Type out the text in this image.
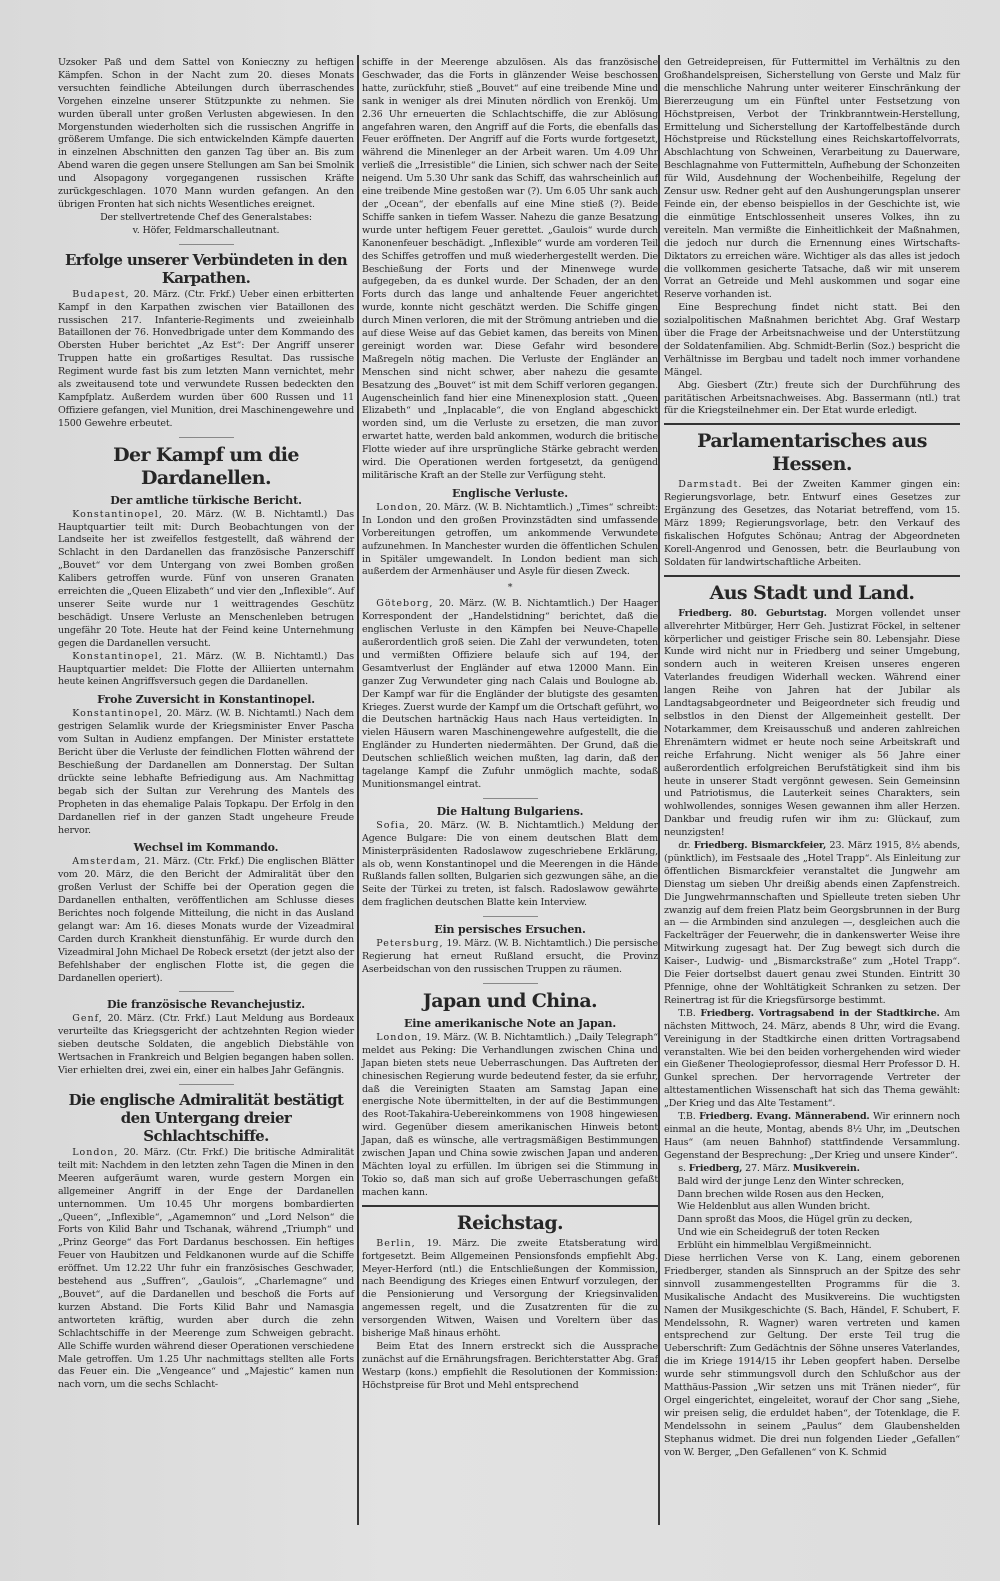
Uzsoker Paß und dem Sattel von Konieczny zu heftigen Kämpfen. Schon in der Nacht zum 20. dieses Monats versuchten feindliche Abteilungen durch überraschendes Vorgehen einzelne unserer Stützpunkte zu nehmen. Sie wurden überall unter großen Verlusten abgewiesen. In den Morgenstunden wiederholten sich die russischen Angriffe in größerem Umfange. Die sich entwickelnden Kämpfe dauerten in einzelnen Abschnitten den ganzen Tag über an. Bis zum Abend waren die gegen unsere Stellungen am San bei Smolnik und Alsopagony vorgegangenen russischen Kräfte zurückgeschlagen. 1070 Mann wurden gefangen. An den übrigen Fronten hat sich nichts Wesentliches ereignet.

Der stellvertretende Chef des Generalstabes:
v. Höfer, Feldmarschalleutnant.
Erfolge unserer Verbündeten in den Karpathen.

Budapest, 20. März. (Ctr. Frkf.) Ueber einen erbitterten Kampf in den Karpathen zwischen vier Bataillonen des russischen 217. Infanterie-Regiments und zweieinhalb Bataillonen der 76. Honvedbrigade unter dem Kommando des Obersten Huber berichtet „Az Est“: Der Angriff unserer Truppen hatte ein großartiges Resultat. Das russische Regiment wurde fast bis zum letzten Mann vernichtet, mehr als zweitausend tote und verwundete Russen bedeckten den Kampfplatz. Außerdem wurden über 600 Russen und 11 Offiziere gefangen, viel Munition, drei Maschinengewehre und 1500 Gewehre erbeutet.

Der Kampf um die Dardanellen.
Der amtliche türkische Bericht.

Konstantinopel, 20. März. (W. B. Nichtamtl.) Das Hauptquartier teilt mit: Durch Beobachtungen von der Landseite her ist zweifellos festgestellt, daß während der Schlacht in den Dardanellen das französische Panzerschiff „Bouvet“ vor dem Untergang von zwei Bomben großen Kalibers getroffen wurde. Fünf von unseren Granaten erreichten die „Queen Elizabeth“ und vier den „Inflexible“. Auf unserer Seite wurde nur 1 weittragendes Geschütz beschädigt. Unsere Verluste an Menschenleben betrugen ungefähr 20 Tote. Heute hat der Feind keine Unternehmung gegen die Dardanellen versucht.

Konstantinopel, 21. März. (W. B. Nichtamtl.) Das Hauptquartier meldet: Die Flotte der Alliierten unternahm heute keinen Angriffsversuch gegen die Dardanellen.

Frohe Zuversicht in Konstantinopel.

Konstantinopel, 20. März. (W. B. Nichtamtl.) Nach dem gestrigen Selamlik wurde der Kriegsminister Enver Pascha vom Sultan in Audienz empfangen. Der Minister erstattete Bericht über die Verluste der feindlichen Flotten während der Beschießung der Dardanellen am Donnerstag. Der Sultan drückte seine lebhafte Befriedigung aus. Am Nachmittag begab sich der Sultan zur Verehrung des Mantels des Propheten in das ehemalige Palais Topkapu. Der Erfolg in den Dardanellen rief in der ganzen Stadt ungeheure Freude hervor.

Wechsel im Kommando.

Amsterdam, 21. März. (Ctr. Frkf.) Die englischen Blätter vom 20. März, die den Bericht der Admiralität über den großen Verlust der Schiffe bei der Operation gegen die Dardanellen enthalten, veröffentlichen am Schlusse dieses Berichtes noch folgende Mitteilung, die nicht in das Ausland gelangt war: Am 16. dieses Monats wurde der Vizeadmiral Carden durch Krankheit dienstunfähig. Er wurde durch den Vizeadmiral John Michael De Robeck ersetzt (der jetzt also der Befehlshaber der englischen Flotte ist, die gegen die Dardanellen operiert).

Die französische Revanchejustiz.

Genf, 20. März. (Ctr. Frkf.) Laut Meldung aus Bordeaux verurteilte das Kriegsgericht der achtzehnten Region wieder sieben deutsche Soldaten, die angeblich Diebstähle von Wertsachen in Frankreich und Belgien begangen haben sollen. Vier erhielten drei, zwei ein, einer ein halbes Jahr Gefängnis.

Die englische Admiralität bestätigt den Untergang dreier Schlachtschiffe.

London, 20. März. (Ctr. Frkf.) Die britische Admiralität teilt mit: Nachdem in den letzten zehn Tagen die Minen in den Meeren aufgeräumt waren, wurde gestern Morgen ein allgemeiner Angriff in der Enge der Dardanellen unternommen. Um 10.45 Uhr morgens bombardierten „Queen“, „Inflexible“, „Agamemnon“ und „Lord Nelson“ die Forts von Kilid Bahr und Tschanak, während „Triumph“ und „Prinz George“ das Fort Dardanus beschossen. Ein heftiges Feuer von Haubitzen und Feldkanonen wurde auf die Schiffe eröffnet. Um 12.22 Uhr fuhr ein französisches Geschwader, bestehend aus „Suffren“, „Gaulois“, „Charlemagne“ und „Bouvet“, auf die Dardanellen und beschoß die Forts auf kurzen Abstand. Die Forts Kilid Bahr und Namasgia antworteten kräftig, wurden aber durch die zehn Schlachtschiffe in der Meerenge zum Schweigen gebracht. Alle Schiffe wurden während dieser Operationen verschiedene Male getroffen. Um 1.25 Uhr nachmittags stellten alle Forts das Feuer ein. Die „Vengeance“ und „Majestic“ kamen nun nach vorn, um die sechs Schlacht-

schiffe in der Meerenge abzulösen. Als das französische Geschwader, das die Forts in glänzender Weise beschossen hatte, zurückfuhr, stieß „Bouvet“ auf eine treibende Mine und sank in weniger als drei Minuten nördlich von Erenköj. Um 2.36 Uhr erneuerten die Schlachtschiffe, die zur Ablösung angefahren waren, den Angriff auf die Forts, die ebenfalls das Feuer eröffneten. Der Angriff auf die Forts wurde fortgesetzt, während die Minenleger an der Arbeit waren. Um 4.09 Uhr verließ die „Irresistible“ die Linien, sich schwer nach der Seite neigend. Um 5.30 Uhr sank das Schiff, das wahrscheinlich auf eine treibende Mine gestoßen war (?). Um 6.05 Uhr sank auch der „Ocean“, der ebenfalls auf eine Mine stieß (?). Beide Schiffe sanken in tiefem Wasser. Nahezu die ganze Besatzung wurde unter heftigem Feuer gerettet. „Gaulois“ wurde durch Kanonenfeuer beschädigt. „Inflexible“ wurde am vorderen Teil des Schiffes getroffen und muß wiederhergestellt werden. Die Beschießung der Forts und der Minenwege wurde aufgegeben, da es dunkel wurde. Der Schaden, der an den Forts durch das lange und anhaltende Feuer angerichtet wurde, konnte nicht geschätzt werden. Die Schiffe gingen durch Minen verloren, die mit der Strömung antrieben und die auf diese Weise auf das Gebiet kamen, das bereits von Minen gereinigt worden war. Diese Gefahr wird besondere Maßregeln nötig machen. Die Verluste der Engländer an Menschen sind nicht schwer, aber nahezu die gesamte Besatzung des „Bouvet“ ist mit dem Schiff verloren gegangen. Augenscheinlich fand hier eine Minenexplosion statt. „Queen Elizabeth“ und „Inplacable“, die von England abgeschickt worden sind, um die Verluste zu ersetzen, die man zuvor erwartet hatte, werden bald ankommen, wodurch die britische Flotte wieder auf ihre ursprüngliche Stärke gebracht werden wird. Die Operationen werden fortgesetzt, da genügend militärische Kraft an der Stelle zur Verfügung steht.

Englische Verluste.

London, 20. März. (W. B. Nichtamtlich.) „Times“ schreibt: In London und den großen Provinzstädten sind umfassende Vorbereitungen getroffen, um ankommende Verwundete aufzunehmen. In Manchester wurden die öffentlichen Schulen in Spitäler umgewandelt. In London bedient man sich außerdem der Armenhäuser und Asyle für diesen Zweck.

*

Göteborg, 20. März. (W. B. Nichtamtlich.) Der Haager Korrespondent der „Handelstidning“ berichtet, daß die englischen Verluste in den Kämpfen bei Neuve-Chapelle außerordentlich groß seien. Die Zahl der verwundeten, toten und vermißten Offiziere belaufe sich auf 194, der Gesamtverlust der Engländer auf etwa 12000 Mann. Ein ganzer Zug Verwundeter ging nach Calais und Boulogne ab. Der Kampf war für die Engländer der blutigste des gesamten Krieges. Zuerst wurde der Kampf um die Ortschaft geführt, wo die Deutschen hartnäckig Haus nach Haus verteidigten. In vielen Häusern waren Maschinengewehre aufgestellt, die die Engländer zu Hunderten niedermähten. Der Grund, daß die Deutschen schließlich weichen mußten, lag darin, daß der tagelange Kampf die Zufuhr unmöglich machte, sodaß Munitionsmangel eintrat.

Die Haltung Bulgariens.

Sofia, 20. März. (W. B. Nichtamtlich.) Meldung der Agence Bulgare: Die von einem deutschen Blatt dem Ministerpräsidenten Radoslawow zugeschriebene Erklärung, als ob, wenn Konstantinopel und die Meerengen in die Hände Rußlands fallen sollten, Bulgarien sich gezwungen sähe, an die Seite der Türkei zu treten, ist falsch. Radoslawow gewährte dem fraglichen deutschen Blatte kein Interview.

Ein persisches Ersuchen.

Petersburg, 19. März. (W. B. Nichtamtlich.) Die persische Regierung hat erneut Rußland ersucht, die Provinz Aserbeidschan von den russischen Truppen zu räumen.

Japan und China.
Eine amerikanische Note an Japan.

London, 19. März. (W. B. Nichtamtlich.) „Daily Telegraph“ meldet aus Peking: Die Verhandlungen zwischen China und Japan bieten stets neue Ueberraschungen. Das Auftreten der chinesischen Regierung wurde bedeutend fester, da sie erfuhr, daß die Vereinigten Staaten am Samstag Japan eine energische Note übermittelten, in der auf die Bestimmungen des Root-Takahira-Uebereinkommens von 1908 hingewiesen wird. Gegenüber diesem amerikanischen Hinweis betont Japan, daß es wünsche, alle vertragsmäßigen Bestimmungen zwischen Japan und China sowie zwischen Japan und anderen Mächten loyal zu erfüllen. Im übrigen sei die Stimmung in Tokio so, daß man sich auf große Ueberraschungen gefaßt machen kann.

Reichstag.

Berlin, 19. März. Die zweite Etatsberatung wird fortgesetzt. Beim Allgemeinen Pensionsfonds empfiehlt Abg. Meyer-Herford (ntl.) die Entschließungen der Kommission, nach Beendigung des Krieges einen Entwurf vorzulegen, der die Pensionierung und Versorgung der Kriegsinvaliden angemessen regelt, und die Zusatzrenten für die zu versorgenden Witwen, Waisen und Voreltern über das bisherige Maß hinaus erhöht.

Beim Etat des Innern erstreckt sich die Aussprache zunächst auf die Ernährungsfragen. Berichterstatter Abg. Graf Westarp (kons.) empfiehlt die Resolutionen der Kommission: Höchstpreise für Brot und Mehl entsprechend

den Getreidepreisen, für Futtermittel im Verhältnis zu den Großhandelspreisen, Sicherstellung von Gerste und Malz für die menschliche Nahrung unter weiterer Einschränkung der Biererzeugung um ein Fünftel unter Festsetzung von Höchstpreisen, Verbot der Trinkbranntwein-Herstellung, Ermittelung und Sicherstellung der Kartoffelbestände durch Höchstpreise und Rückstellung eines Reichskartoffelvorrats, Abschlachtung von Schweinen, Verarbeitung zu Dauerware, Beschlagnahme von Futtermitteln, Aufhebung der Schonzeiten für Wild, Ausdehnung der Wochenbeihilfe, Regelung der Zensur usw. Redner geht auf den Aushungerungsplan unserer Feinde ein, der ebenso beispiellos in der Geschichte ist, wie die einmütige Entschlossenheit unseres Volkes, ihn zu vereiteln. Man vermißte die Einheitlichkeit der Maßnahmen, die jedoch nur durch die Ernennung eines Wirtschafts-Diktators zu erreichen wäre. Wichtiger als das alles ist jedoch die vollkommen gesicherte Tatsache, daß wir mit unserem Vorrat an Getreide und Mehl auskommen und sogar eine Reserve vorhanden ist.

Eine Besprechung findet nicht statt. Bei den sozialpolitischen Maßnahmen berichtet Abg. Graf Westarp über die Frage der Arbeitsnachweise und der Unterstützung der Soldatenfamilien. Abg. Schmidt-Berlin (Soz.) bespricht die Verhältnisse im Bergbau und tadelt noch immer vorhandene Mängel.

Abg. Giesbert (Ztr.) freute sich der Durchführung des paritätischen Arbeitsnachweises. Abg. Bassermann (ntl.) trat für die Kriegsteilnehmer ein. Der Etat wurde erledigt.

Parlamentarisches aus Hessen.

Darmstadt. Bei der Zweiten Kammer gingen ein: Regierungsvorlage, betr. Entwurf eines Gesetzes zur Ergänzung des Gesetzes, das Notariat betreffend, vom 15. März 1899; Regierungsvorlage, betr. den Verkauf des fiskalischen Hofgutes Schönau; Antrag der Abgeordneten Korell-Angenrod und Genossen, betr. die Beurlaubung von Soldaten für landwirtschaftliche Arbeiten.

Aus Stadt und Land.

Friedberg. 80. Geburtstag. Morgen vollendet unser allverehrter Mitbürger, Herr Geh. Justizrat Föckel, in seltener körperlicher und geistiger Frische sein 80. Lebensjahr. Diese Kunde wird nicht nur in Friedberg und seiner Umgebung, sondern auch in weiteren Kreisen unseres engeren Vaterlandes freudigen Widerhall wecken. Während einer langen Reihe von Jahren hat der Jubilar als Landtagsabgeordneter und Beigeordneter sich freudig und selbstlos in den Dienst der Allgemeinheit gestellt. Der Notarkammer, dem Kreisausschuß und anderen zahlreichen Ehrenämtern widmet er heute noch seine Arbeitskraft und reiche Erfahrung. Nicht weniger als 56 Jahre einer außerordentlich erfolgreichen Berufstätigkeit sind ihm bis heute in unserer Stadt vergönnt gewesen. Sein Gemeinsinn und Patriotismus, die Lauterkeit seines Charakters, sein wohlwollendes, sonniges Wesen gewannen ihm aller Herzen. Dankbar und freudig rufen wir ihm zu: Glückauf, zum neunzigsten!

dr. Friedberg. Bismarckfeier, 23. März 1915, 8½ abends, (pünktlich), im Festsaale des „Hotel Trapp“. Als Einleitung zur öffentlichen Bismarckfeier veranstaltet die Jungwehr am Dienstag um sieben Uhr dreißig abends einen Zapfenstreich. Die Jungwehrmannschaften und Spielleute treten sieben Uhr zwanzig auf dem freien Platz beim Georgsbrunnen in der Burg an — die Armbinden sind anzulegen —, desgleichen auch die Fackelträger der Feuerwehr, die in dankenswerter Weise ihre Mitwirkung zugesagt hat. Der Zug bewegt sich durch die Kaiser-, Ludwig- und „Bismarckstraße“ zum „Hotel Trapp“. Die Feier dortselbst dauert genau zwei Stunden. Eintritt 30 Pfennige, ohne der Wohltätigkeit Schranken zu setzen. Der Reinertrag ist für die Kriegsfürsorge bestimmt.

T.B. Friedberg. Vortragsabend in der Stadtkirche. Am nächsten Mittwoch, 24. März, abends 8 Uhr, wird die Evang. Vereinigung in der Stadtkirche einen dritten Vortragsabend veranstalten. Wie bei den beiden vorhergehenden wird wieder ein Gießener Theologieprofessor, diesmal Herr Professor D. H. Gunkel sprechen. Der hervorragende Vertreter der alttestamentlichen Wissenschaft hat sich das Thema gewählt: „Der Krieg und das Alte Testament“.

T.B. Friedberg. Evang. Männerabend. Wir erinnern noch einmal an die heute, Montag, abends 8½ Uhr, im „Deutschen Haus“ (am neuen Bahnhof) stattfindende Versammlung. Gegenstand der Besprechung: „Der Krieg und unsere Kinder“.

s. Friedberg, 27. März. Musikverein.

Bald wird der junge Lenz den Winter schrecken,
Dann brechen wilde Rosen aus den Hecken,
Wie Heldenblut aus allen Wunden bricht.
Dann sproßt das Moos, die Hügel grün zu decken,
Und wie ein Scheidegruß der toten Recken
Erblüht ein himmelblau Vergißmeinnicht.

Diese herrlichen Verse von K. Lang, einem geborenen Friedberger, standen als Sinnspruch an der Spitze des sehr sinnvoll zusammengestellten Programms für die 3. Musikalische Andacht des Musikvereins. Die wuchtigsten Namen der Musikgeschichte (S. Bach, Händel, F. Schubert, F. Mendelssohn, R. Wagner) waren vertreten und kamen entsprechend zur Geltung. Der erste Teil trug die Ueberschrift: Zum Gedächtnis der Söhne unseres Vaterlandes, die im Kriege 1914/15 ihr Leben geopfert haben. Derselbe wurde sehr stimmungsvoll durch den Schlußchor aus der Matthäus-Passion „Wir setzen uns mit Tränen nieder“, für Orgel eingerichtet, eingeleitet, worauf der Chor sang „Siehe, wir preisen selig, die erduldet haben“, der Totenklage, die F. Mendelssohn in seinem „Paulus“ dem Glaubenshelden Stephanus widmet. Die drei nun folgenden Lieder „Gefallen“ von W. Berger, „Den Gefallenen“ von K. Schmid
